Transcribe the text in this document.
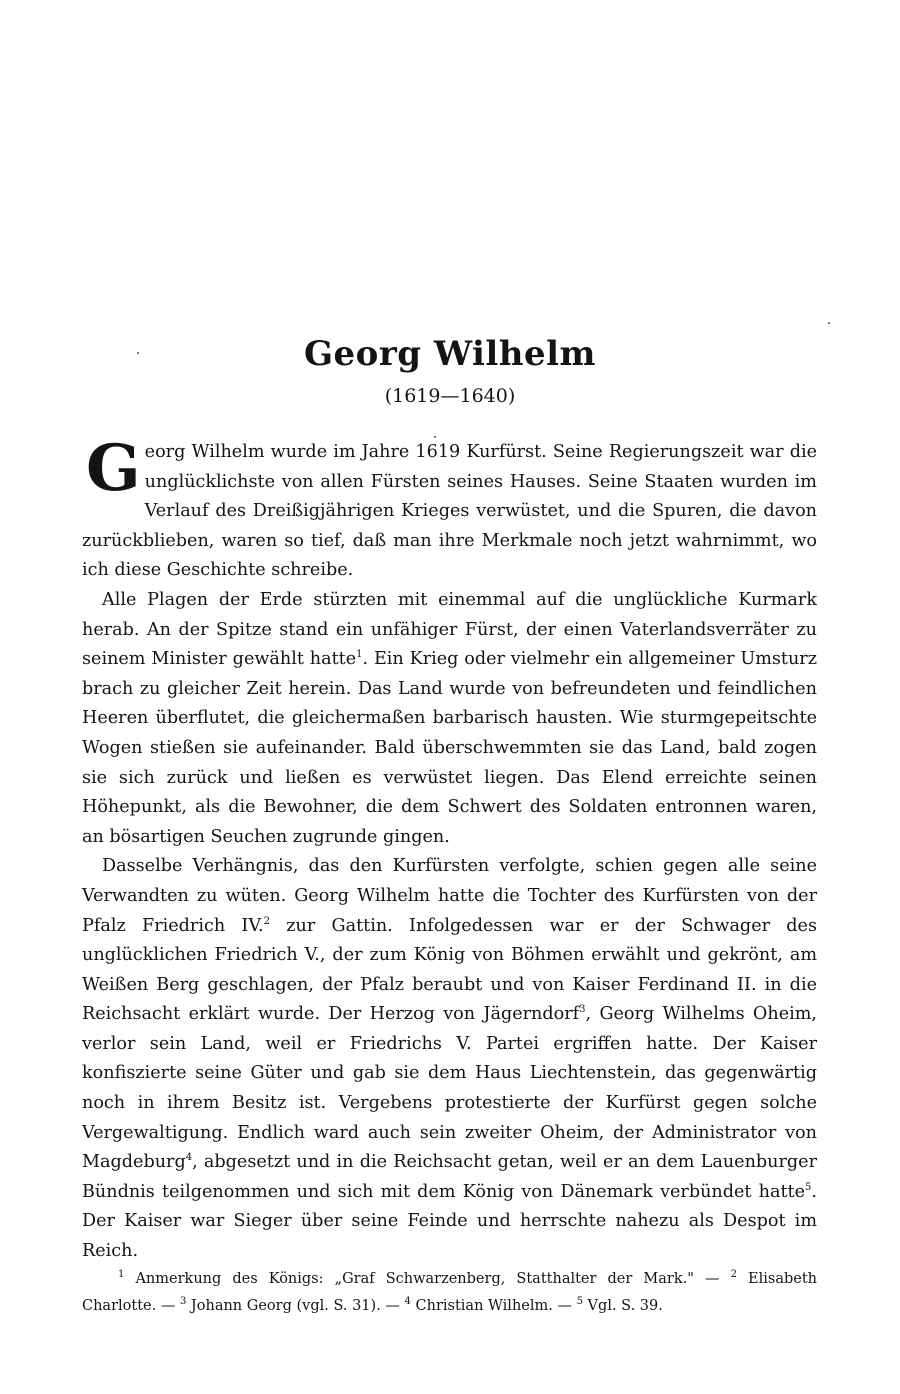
Georg Wilhelm
(1619—1640)

Georg Wilhelm wurde im Jahre 1619 Kurfürst. Seine Regierungszeit war die unglücklichste von allen Fürsten seines Hauses. Seine Staaten wurden im Verlauf des Dreißigjährigen Krieges verwüstet, und die Spuren, die davon zurückblieben, waren so tief, daß man ihre Merkmale noch jetzt wahrnimmt, wo ich diese Geschichte schreibe.

Alle Plagen der Erde stürzten mit einemmal auf die unglückliche Kurmark herab. An der Spitze stand ein unfähiger Fürst, der einen Vaterlandsverräter zu seinem Minister gewählt hatte$^1$. Ein Krieg oder vielmehr ein allgemeiner Umsturz brach zu gleicher Zeit herein. Das Land wurde von befreundeten und feindlichen Heeren überflutet, die gleichermaßen barbarisch hausten. Wie sturmgepeitschte Wogen stießen sie aufeinander. Bald überschwemmten sie das Land, bald zogen sie sich zurück und ließen es verwüstet liegen. Das Elend erreichte seinen Höhepunkt, als die Bewohner, die dem Schwert des Soldaten entronnen waren, an bösartigen Seuchen zugrunde gingen.

Dasselbe Verhängnis, das den Kurfürsten verfolgte, schien gegen alle seine Verwandten zu wüten. Georg Wilhelm hatte die Tochter des Kurfürsten von der Pfalz Friedrich IV.$^2$ zur Gattin. Infolgedessen war er der Schwager des unglücklichen Friedrich V., der zum König von Böhmen erwählt und gekrönt, am Weißen Berg geschlagen, der Pfalz beraubt und von Kaiser Ferdinand II. in die Reichsacht erklärt wurde. Der Herzog von Jägerndorf$^3$, Georg Wilhelms Oheim, verlor sein Land, weil er Friedrichs V. Partei ergriffen hatte. Der Kaiser konfiszierte seine Güter und gab sie dem Haus Liechtenstein, das gegenwärtig noch in ihrem Besitz ist. Vergebens protestierte der Kurfürst gegen solche Vergewaltigung. Endlich ward auch sein zweiter Oheim, der Administrator von Magdeburg$^4$, abgesetzt und in die Reichsacht getan, weil er an dem Lauenburger Bündnis teilgenommen und sich mit dem König von Dänemark verbündet hatte$^5$. Der Kaiser war Sieger über seine Feinde und herrschte nahezu als Despot im Reich.

$^1$ Anmerkung des Königs: „Graf Schwarzenberg, Statthalter der Mark." — $^2$ Elisabeth Charlotte. — $^3$ Johann Georg (vgl. S. 31). — $^4$ Christian Wilhelm. — $^5$ Vgl. S. 39.
